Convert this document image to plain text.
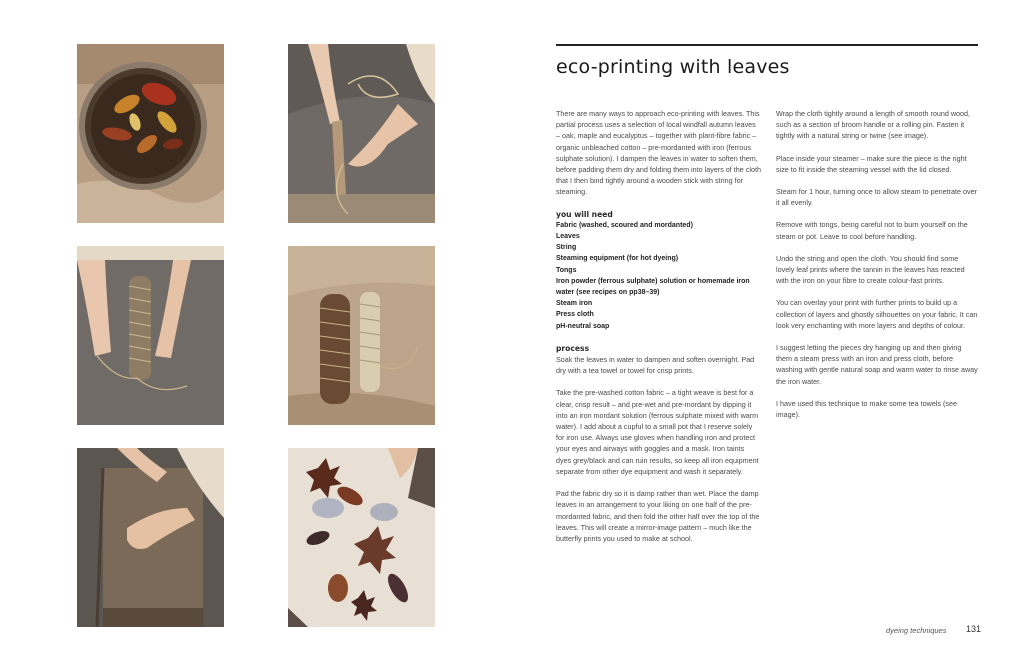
eco-printing with leaves

There are many ways to approach eco-printing with leaves. This partial process uses a selection of local windfall autumn leaves – oak, maple and eucalyptus – together with plant-fibre fabric – organic unbleached cotton – pre-mordanted with iron (ferrous sulphate solution). I dampen the leaves in water to soften them, before padding them dry and folding them into layers of the cloth that I then bind tightly around a wooden stick with string for steaming.

you will need
Fabric (washed, scoured and mordanted)
Leaves
String
Steaming equipment (for hot dyeing)
Tongs
Iron powder (ferrous sulphate) solution or homemade iron water (see recipes on pp38–39)
Steam iron
Press cloth
pH-neutral soap
process

Soak the leaves in water to dampen and soften overnight. Pad dry with a tea towel or towel for crisp prints.

Take the pre-washed cotton fabric – a tight weave is best for a clear, crisp result – and pre-wet and pre-mordant by dipping it into an iron mordant solution (ferrous sulphate mixed with warm water). I add about a cupful to a small pot that I reserve solely for iron use. Always use gloves when handling iron and protect your eyes and airways with goggles and a mask. Iron taints dyes grey/black and can ruin results, so keep all iron equipment separate from other dye equipment and wash it separately.

Pad the fabric dry so it is damp rather than wet. Place the damp leaves in an arrangement to your liking on one half of the pre-mordanted fabric, and then fold the other half over the top of the leaves. This will create a mirror-image pattern – much like the butterfly prints you used to make at school.

Wrap the cloth tightly around a length of smooth round wood, such as a section of broom handle or a rolling pin. Fasten it tightly with a natural string or twine (see image).

Place inside your steamer – make sure the piece is the right size to fit inside the steaming vessel with the lid closed.

Steam for 1 hour, turning once to allow steam to penetrate over it all evenly.

Remove with tongs, being careful not to burn yourself on the steam or pot. Leave to cool before handling.

Undo the string and open the cloth. You should find some lovely leaf prints where the tannin in the leaves has reacted with the iron on your fibre to create colour-fast prints.

You can overlay your print with further prints to build up a collection of layers and ghostly silhouettes on your fabric. It can look very enchanting with more layers and depths of colour.

I suggest letting the pieces dry hanging up and then giving them a steam press with an iron and press cloth, before washing with gentle natural soap and warm water to rinse away the iron water.

I have used this technique to make some tea towels (see image).

dyeing techniques 131
